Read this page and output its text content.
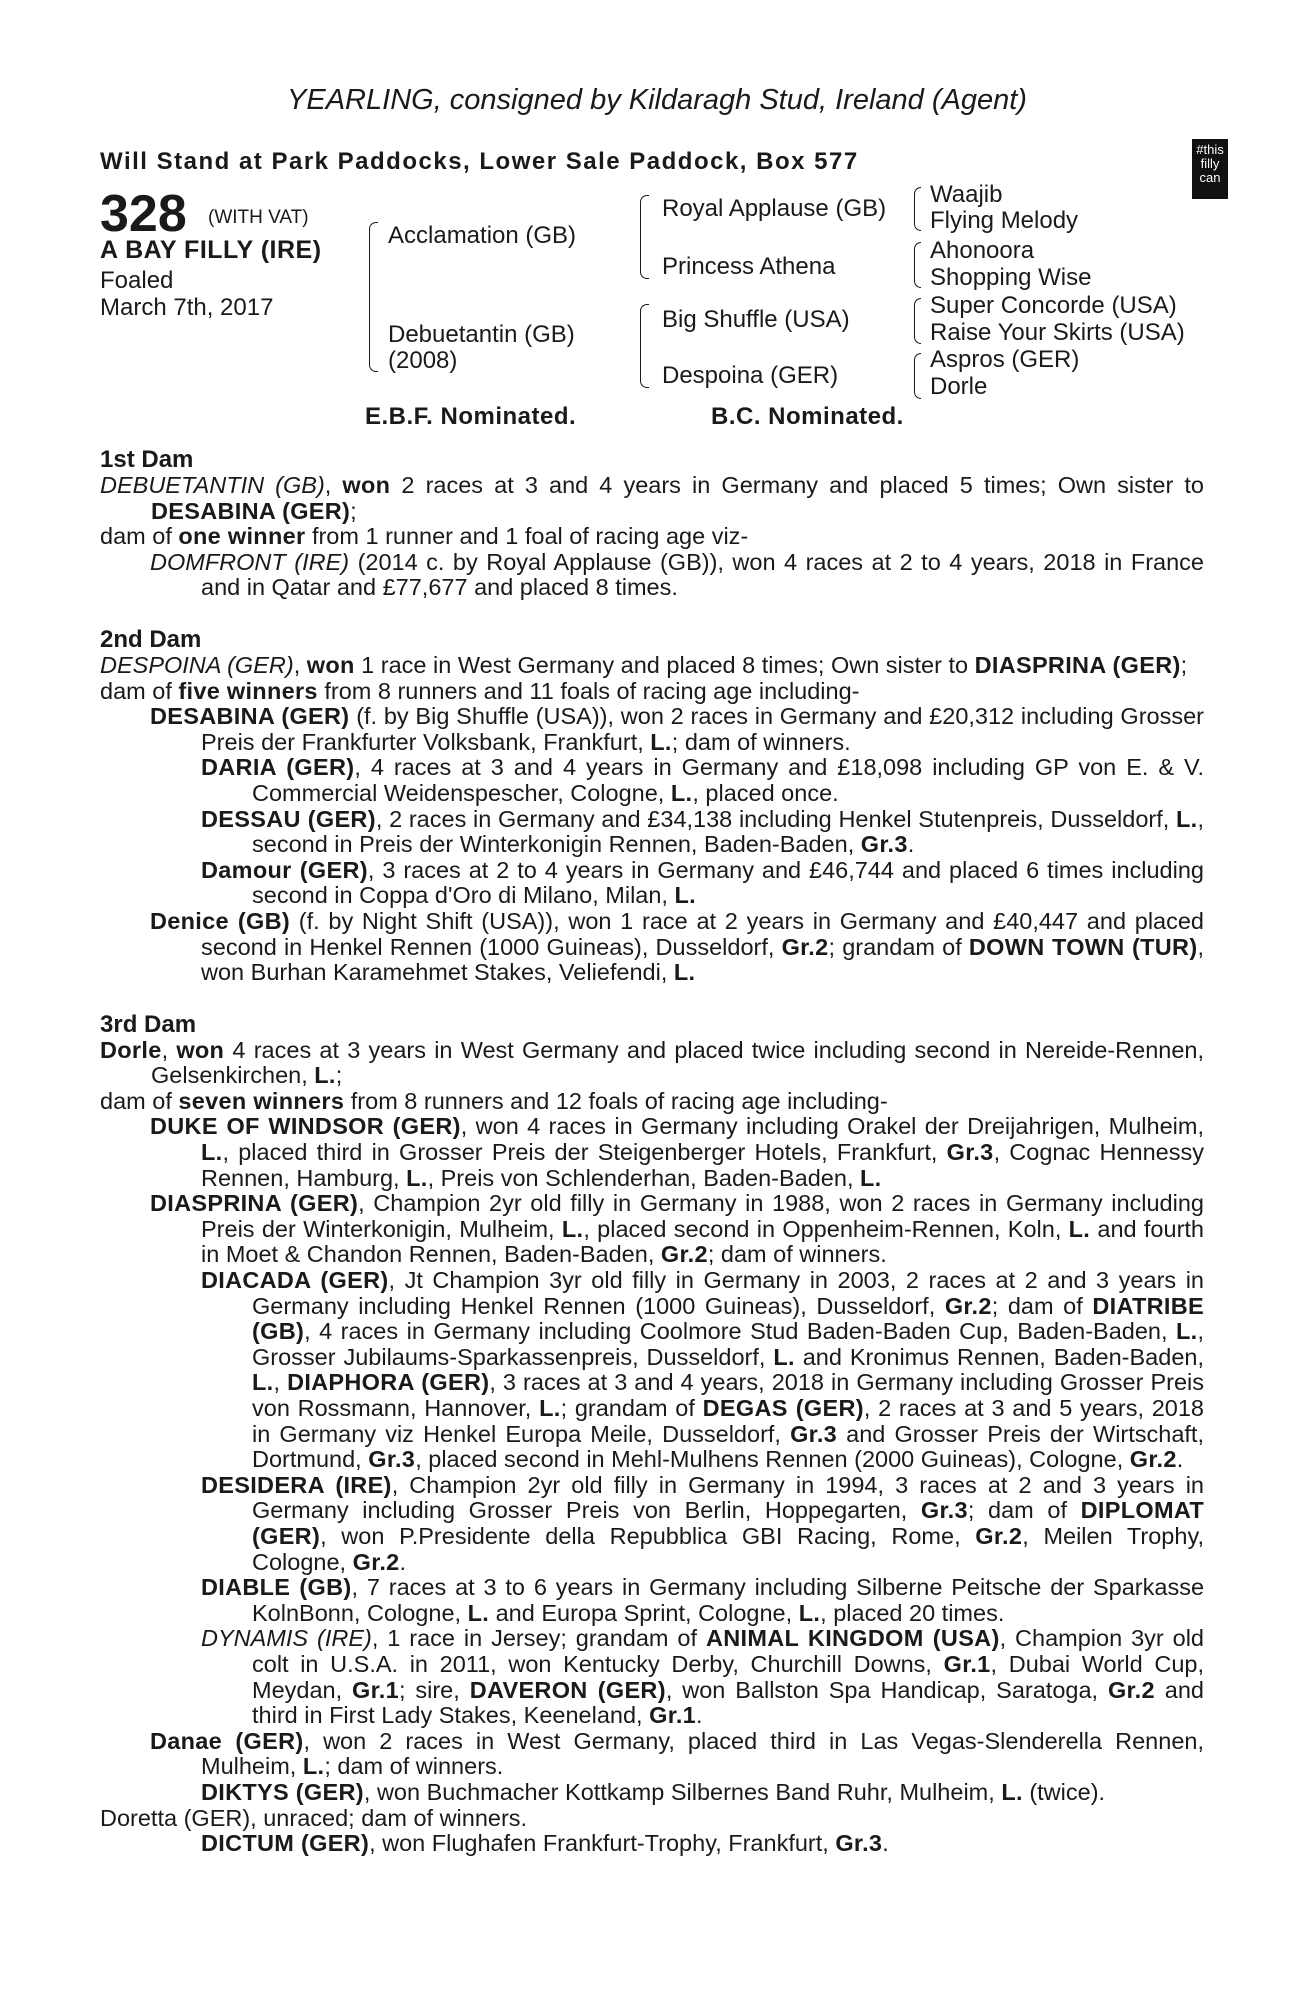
YEARLING, consigned by Kildaragh Stud, Ireland (Agent)
Will Stand at Park Paddocks, Lower Sale Paddock, Box 577	#this
filly
can
328 (WITH VAT)
A BAY FILLY (IRE)
Foaled
March 7th, 2017
Acclamation (GB)
Debuetantin (GB)
(2008)
Royal Applause (GB)
Princess Athena
Big Shuffle (USA)
Despoina (GER)
Waajib
Flying Melody
Ahonoora
Shopping Wise
Super Concorde (USA)
Raise Your Skirts (USA)
Aspros (GER)
Dorle
E.B.F. Nominated.	B.C. Nominated.
1st Dam
DEBUETANTIN (GB), won 2 races at 3 and 4 years in Germany and placed 5 times; Own sister to DESABINA (GER);
dam of one winner from 1 runner and 1 foal of racing age viz-
DOMFRONT (IRE) (2014 c. by Royal Applause (GB)), won 4 races at 2 to 4 years, 2018 in France and in Qatar and £77,677 and placed 8 times.
2nd Dam
DESPOINA (GER), won 1 race in West Germany and placed 8 times; Own sister to DIASPRINA (GER);
dam of five winners from 8 runners and 11 foals of racing age including-
DESABINA (GER) (f. by Big Shuffle (USA)), won 2 races in Germany and £20,312 including Grosser Preis der Frankfurter Volksbank, Frankfurt, L.; dam of winners.
DARIA (GER), 4 races at 3 and 4 years in Germany and £18,098 including GP von E. & V. Commercial Weidenspescher, Cologne, L., placed once.
DESSAU (GER), 2 races in Germany and £34,138 including Henkel Stutenpreis, Dusseldorf, L., second in Preis der Winterkonigin Rennen, Baden-Baden, Gr.3.
Damour (GER), 3 races at 2 to 4 years in Germany and £46,744 and placed 6 times including second in Coppa d'Oro di Milano, Milan, L.
Denice (GB) (f. by Night Shift (USA)), won 1 race at 2 years in Germany and £40,447 and placed second in Henkel Rennen (1000 Guineas), Dusseldorf, Gr.2; grandam of DOWN TOWN (TUR), won Burhan Karamehmet Stakes, Veliefendi, L.
3rd Dam
Dorle, won 4 races at 3 years in West Germany and placed twice including second in Nereide-Rennen, Gelsenkirchen, L.;
dam of seven winners from 8 runners and 12 foals of racing age including-
DUKE OF WINDSOR (GER), won 4 races in Germany including Orakel der Dreijahrigen, Mulheim, L., placed third in Grosser Preis der Steigenberger Hotels, Frankfurt, Gr.3, Cognac Hennessy Rennen, Hamburg, L., Preis von Schlenderhan, Baden-Baden, L.
DIASPRINA (GER), Champion 2yr old filly in Germany in 1988, won 2 races in Germany including Preis der Winterkonigin, Mulheim, L., placed second in Oppenheim-Rennen, Koln, L. and fourth in Moet & Chandon Rennen, Baden-Baden, Gr.2; dam of winners.
DIACADA (GER), Jt Champion 3yr old filly in Germany in 2003, 2 races at 2 and 3 years in Germany including Henkel Rennen (1000 Guineas), Dusseldorf, Gr.2; dam of DIATRIBE (GB), 4 races in Germany including Coolmore Stud Baden-Baden Cup, Baden-Baden, L., Grosser Jubilaums-Sparkassenpreis, Dusseldorf, L. and Kronimus Rennen, Baden-Baden, L., DIAPHORA (GER), 3 races at 3 and 4 years, 2018 in Germany including Grosser Preis von Rossmann, Hannover, L.; grandam of DEGAS (GER), 2 races at 3 and 5 years, 2018 in Germany viz Henkel Europa Meile, Dusseldorf, Gr.3 and Grosser Preis der Wirtschaft, Dortmund, Gr.3, placed second in Mehl-Mulhens Rennen (2000 Guineas), Cologne, Gr.2.
DESIDERA (IRE), Champion 2yr old filly in Germany in 1994, 3 races at 2 and 3 years in Germany including Grosser Preis von Berlin, Hoppegarten, Gr.3; dam of DIPLOMAT (GER), won P.Presidente della Repubblica GBI Racing, Rome, Gr.2, Meilen Trophy, Cologne, Gr.2.
DIABLE (GB), 7 races at 3 to 6 years in Germany including Silberne Peitsche der Sparkasse KolnBonn, Cologne, L. and Europa Sprint, Cologne, L., placed 20 times.
DYNAMIS (IRE), 1 race in Jersey; grandam of ANIMAL KINGDOM (USA), Champion 3yr old colt in U.S.A. in 2011, won Kentucky Derby, Churchill Downs, Gr.1, Dubai World Cup, Meydan, Gr.1; sire, DAVERON (GER), won Ballston Spa Handicap, Saratoga, Gr.2 and third in First Lady Stakes, Keeneland, Gr.1.
Danae (GER), won 2 races in West Germany, placed third in Las Vegas-Slenderella Rennen, Mulheim, L.; dam of winners.
DIKTYS (GER), won Buchmacher Kottkamp Silbernes Band Ruhr, Mulheim, L. (twice).
Doretta (GER), unraced; dam of winners.
DICTUM (GER), won Flughafen Frankfurt-Trophy, Frankfurt, Gr.3.
